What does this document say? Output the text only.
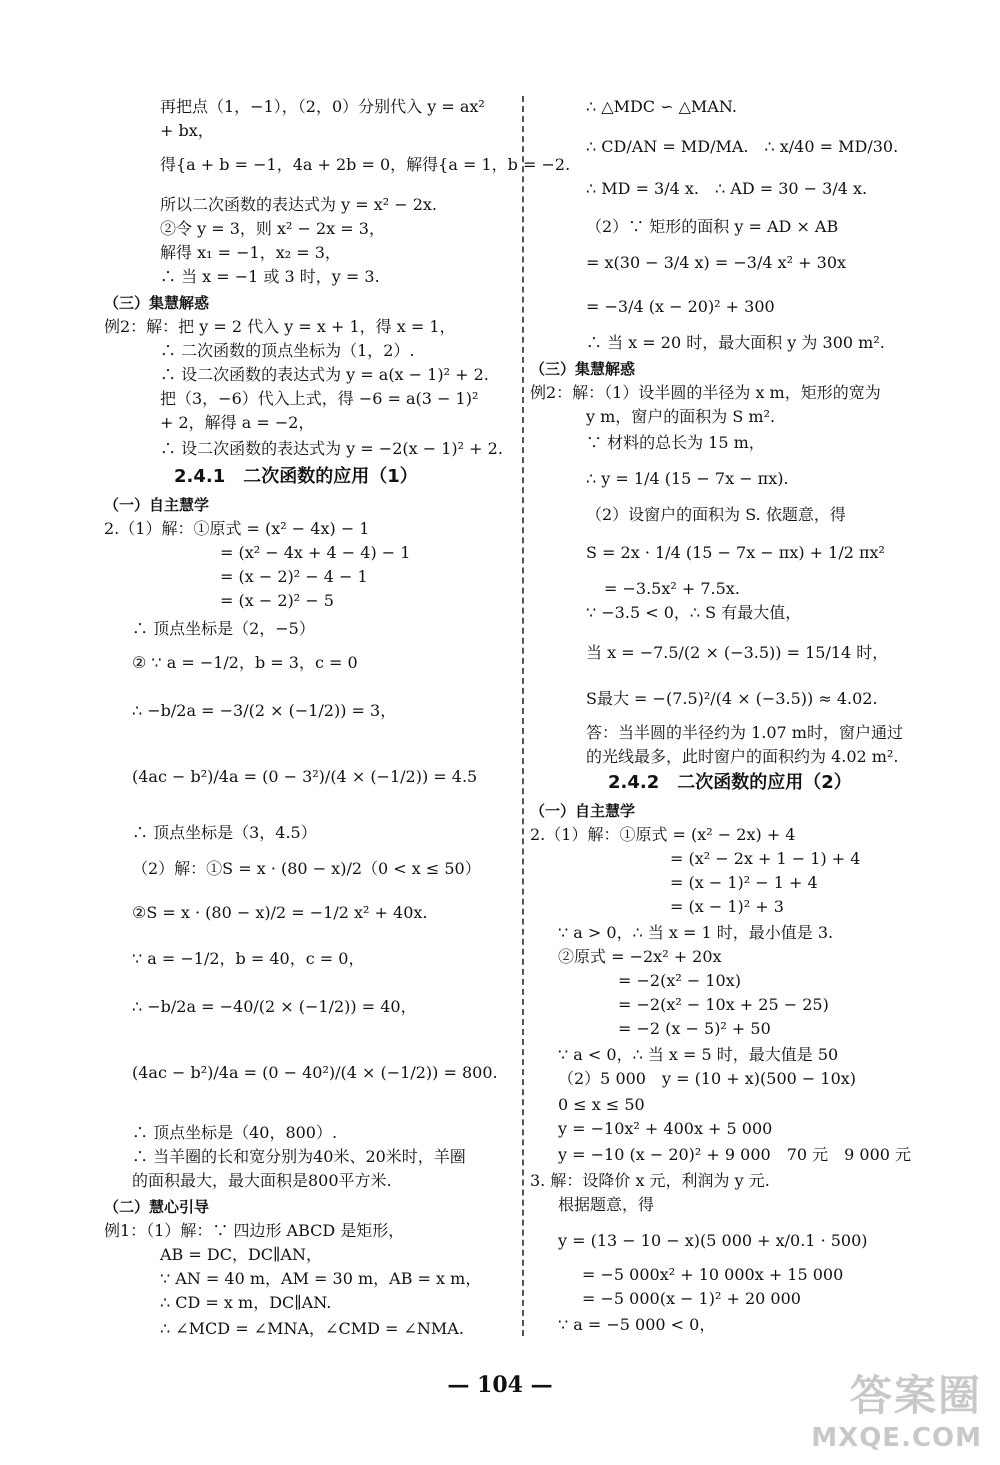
再把点（1，−1），（2，0）分别代入 y = ax²
+ bx，
得{a + b = −1，4a + 2b = 0，解得{a = 1，b = −2.
所以二次函数的表达式为 y = x² − 2x.
②令 y = 3，则 x² − 2x = 3，
解得 x₁ = −1，x₂ = 3，
∴ 当 x = −1 或 3 时，y = 3.
（三）集慧解惑
例2：解：把 y = 2 代入 y = x + 1，得 x = 1，
∴ 二次函数的顶点坐标为（1，2）.
∴ 设二次函数的表达式为 y = a(x − 1)² + 2.
把（3，−6）代入上式，得 −6 = a(3 − 1)²
+ 2，解得 a = −2，
∴ 设二次函数的表达式为 y = −2(x − 1)² + 2.
2.4.1　二次函数的应用（1）
（一）自主慧学
2.（1）解：①原式 = (x² − 4x) − 1
= (x² − 4x + 4 − 4) − 1
= (x − 2)² − 4 − 1
= (x − 2)² − 5
∴ 顶点坐标是（2，−5）
② ∵ a = −1/2，b = 3，c = 0
∴ −b/2a = −3/(2 × (−1/2)) = 3，
(4ac − b²)/4a = (0 − 3²)/(4 × (−1/2)) = 4.5
∴ 顶点坐标是（3，4.5）
（2）解：①S = x · (80 − x)/2（0 < x ≤ 50）
②S = x · (80 − x)/2 = −1/2 x² + 40x.
∵ a = −1/2，b = 40，c = 0，
∴ −b/2a = −40/(2 × (−1/2)) = 40，
(4ac − b²)/4a = (0 − 40²)/(4 × (−1/2)) = 800.
∴ 顶点坐标是（40，800）.
∴ 当羊圈的长和宽分别为40米、20米时，羊圈
的面积最大，最大面积是800平方米.
（二）慧心引导
例1：（1）解：∵ 四边形 ABCD 是矩形，
AB = DC，DC∥AN，
∵ AN = 40 m，AM = 30 m，AB = x m，
∴ CD = x m，DC∥AN.
∴ ∠MCD = ∠MNA，∠CMD = ∠NMA.
∴ △MDC ∽ △MAN.
∴ CD/AN = MD/MA.　∴ x/40 = MD/30.
∴ MD = 3/4 x.　∴ AD = 30 − 3/4 x.
（2）∵ 矩形的面积 y = AD × AB
= x(30 − 3/4 x) = −3/4 x² + 30x
= −3/4 (x − 20)² + 300
∴ 当 x = 20 时，最大面积 y 为 300 m².
（三）集慧解惑
例2：解：（1）设半圆的半径为 x m，矩形的宽为
y m，窗户的面积为 S m².
∵ 材料的总长为 15 m，
∴ y = 1/4 (15 − 7x − πx).
（2）设窗户的面积为 S. 依题意，得
S = 2x · 1/4 (15 − 7x − πx) + 1/2 πx²
= −3.5x² + 7.5x.
∵ −3.5 < 0，∴ S 有最大值，
当 x = −7.5/(2 × (−3.5)) = 15/14 时，
S最大 = −(7.5)²/(4 × (−3.5)) ≈ 4.02.
答：当半圆的半径约为 1.07 m时，窗户通过
的光线最多，此时窗户的面积约为 4.02 m².
2.4.2　二次函数的应用（2）
（一）自主慧学
2.（1）解：①原式 = (x² − 2x) + 4
= (x² − 2x + 1 − 1) + 4
= (x − 1)² − 1 + 4
= (x − 1)² + 3
∵ a > 0，∴ 当 x = 1 时，最小值是 3.
②原式 = −2x² + 20x
= −2(x² − 10x)
= −2(x² − 10x + 25 − 25)
= −2 (x − 5)² + 50
∵ a < 0，∴ 当 x = 5 时，最大值是 50
（2）5 000　y = (10 + x)(500 − 10x)
0 ≤ x ≤ 50
y = −10x² + 400x + 5 000
y = −10 (x − 20)² + 9 000　70 元　9 000 元
3. 解：设降价 x 元，利润为 y 元.
根据题意，得
y = (13 − 10 − x)(5 000 + x/0.1 · 500)
= −5 000x² + 10 000x + 15 000
= −5 000(x − 1)² + 20 000
∵ a = −5 000 < 0，
— 104 —	答案圈
MXQE.COM
